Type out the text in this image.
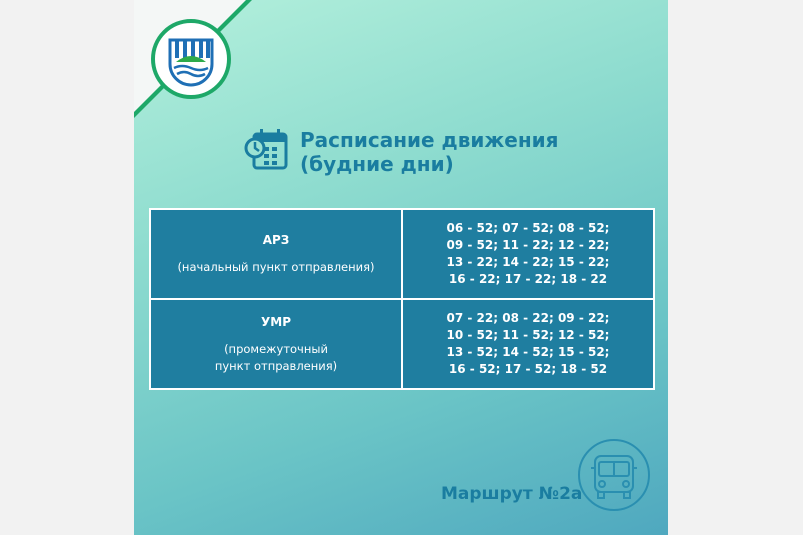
Расписание движения
(будние дни)
АРЗ
(начальный пункт отправления)
06 - 52; 07 - 52; 08 - 52;
09 - 52; 11 - 22; 12 - 22;
13 - 22; 14 - 22; 15 - 22;
16 - 22; 17 - 22; 18 - 22
УМР
(промежуточный
пункт отправления)
07 - 22; 08 - 22; 09 - 22;
10 - 52; 11 - 52; 12 - 52;
13 - 52; 14 - 52; 15 - 52;
16 - 52; 17 - 52; 18 - 52
Маршрут №2а
